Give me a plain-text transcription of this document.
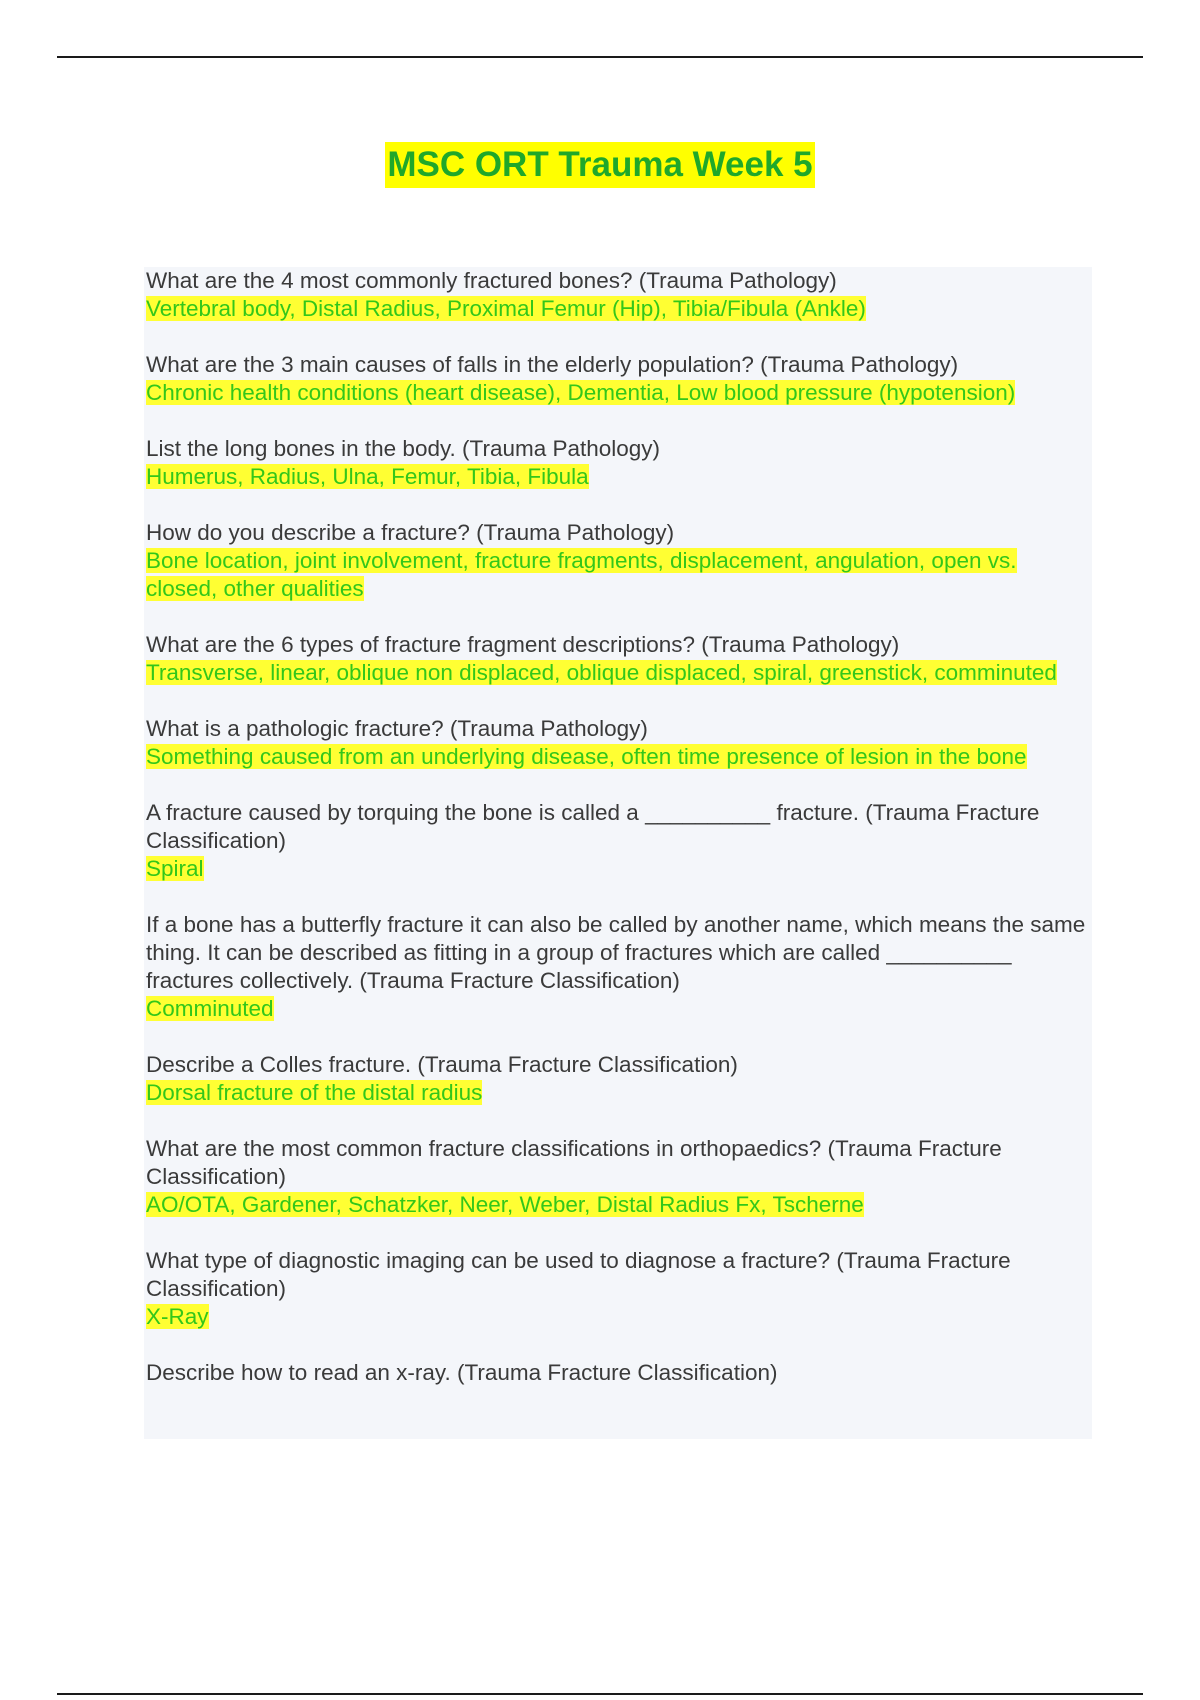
MSC ORT Trauma Week 5
What are the 4 most commonly fractured bones? (Trauma Pathology)
Vertebral body, Distal Radius, Proximal Femur (Hip), Tibia/Fibula (Ankle)
What are the 3 main causes of falls in the elderly population? (Trauma Pathology)
Chronic health conditions (heart disease), Dementia, Low blood pressure (hypotension)
List the long bones in the body. (Trauma Pathology)
Humerus, Radius, Ulna, Femur, Tibia, Fibula
How do you describe a fracture? (Trauma Pathology)
Bone location, joint involvement, fracture fragments, displacement, angulation, open vs. closed, other qualities
What are the 6 types of fracture fragment descriptions? (Trauma Pathology)
Transverse, linear, oblique non displaced, oblique displaced, spiral, greenstick, comminuted
What is a pathologic fracture? (Trauma Pathology)
Something caused from an underlying disease, often time presence of lesion in the bone
A fracture caused by torquing the bone is called a __________ fracture. (Trauma Fracture Classification)
Spiral
If a bone has a butterfly fracture it can also be called by another name, which means the same thing. It can be described as fitting in a group of fractures which are called __________ fractures collectively. (Trauma Fracture Classification)
Comminuted
Describe a Colles fracture. (Trauma Fracture Classification)
Dorsal fracture of the distal radius
What are the most common fracture classifications in orthopaedics? (Trauma Fracture Classification)
AO/OTA, Gardener, Schatzker, Neer, Weber, Distal Radius Fx, Tscherne
What type of diagnostic imaging can be used to diagnose a fracture? (Trauma Fracture Classification)
X-Ray
Describe how to read an x-ray. (Trauma Fracture Classification)
